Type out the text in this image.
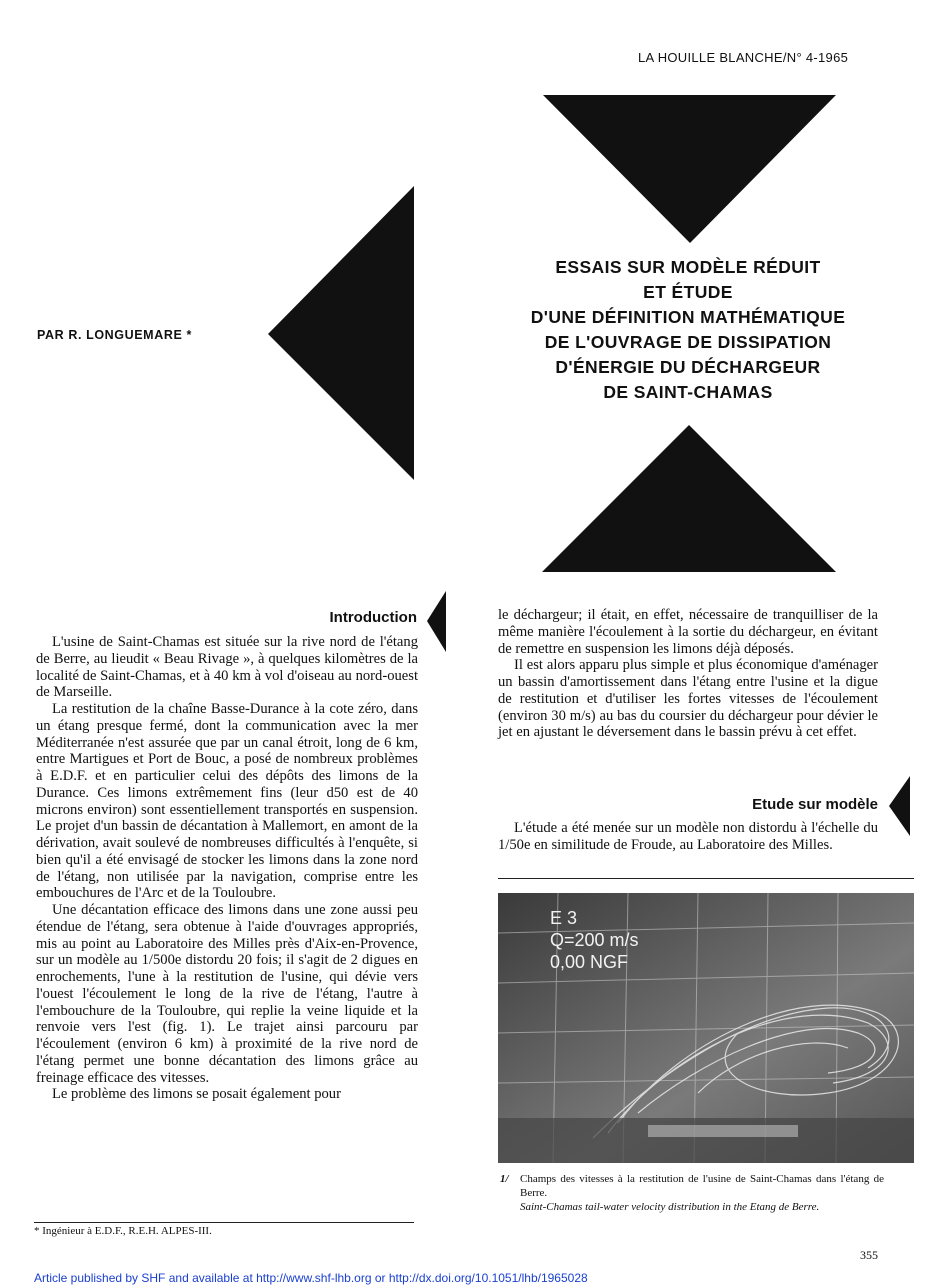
LA HOUILLE BLANCHE/N° 4-1965
PAR R. LONGUEMARE *
ESSAIS SUR MODÈLE RÉDUIT
ET ÉTUDE
D'UNE DÉFINITION MATHÉMATIQUE
DE L'OUVRAGE DE DISSIPATION
D'ÉNERGIE DU DÉCHARGEUR
DE SAINT-CHAMAS
Introduction

L'usine de Saint-Chamas est située sur la rive nord de l'étang de Berre, au lieudit « Beau Rivage », à quelques kilomètres de la localité de Saint-Chamas, et à 40 km à vol d'oiseau au nord-ouest de Marseille.

La restitution de la chaîne Basse-Durance à la cote zéro, dans un étang presque fermé, dont la communication avec la mer Méditerranée n'est assurée que par un canal étroit, long de 6 km, entre Martigues et Port de Bouc, a posé de nombreux problèmes à E.D.F. et en particulier celui des dépôts des limons de la Durance. Ces limons extrêmement fins (leur d50 est de 40 microns environ) sont essentiellement transportés en suspension. Le projet d'un bassin de décantation à Mallemort, en amont de la dérivation, avait soulevé de nombreuses difficultés à l'enquête, si bien qu'il a été envisagé de stocker les limons dans la zone nord de l'étang, non utilisée par la navigation, comprise entre les embouchures de l'Arc et de la Touloubre.

Une décantation efficace des limons dans une zone aussi peu étendue de l'étang, sera obtenue à l'aide d'ouvrages appropriés, mis au point au Laboratoire des Milles près d'Aix-en-Provence, sur un modèle au 1/500e distordu 20 fois; il s'agit de 2 digues en enrochements, l'une à la restitution de l'usine, qui dévie vers l'ouest l'écoulement le long de la rive de l'étang, l'autre à l'embouchure de la Touloubre, qui replie la veine liquide et la renvoie vers l'est (fig. 1). Le trajet ainsi parcouru par l'écoulement (environ 6 km) à proximité de la rive nord de l'étang permet une bonne décantation des limons grâce au freinage efficace des vitesses.

Le problème des limons se posait également pour

* Ingénieur à E.D.F., R.E.H. ALPES-III.

le déchargeur; il était, en effet, nécessaire de tranquilliser de la même manière l'écoulement à la sortie du déchargeur, en évitant de remettre en suspension les limons déjà déposés.

Il est alors apparu plus simple et plus économique d'aménager un bassin d'amortissement dans l'étang entre l'usine et la digue de restitution et d'utiliser les fortes vitesses de l'écoulement (environ 30 m/s) au bas du coursier du déchargeur pour dévier le jet en ajustant le déversement dans le bassin prévu à cet effet.

Etude sur modèle

L'étude a été menée sur un modèle non distordu à l'échelle du 1/50e en similitude de Froude, au Laboratoire des Milles.

E 3
Q=200 m/s
0,00 NGF
1/ Champs des vitesses à la restitution de l'usine de Saint-Chamas dans l'étang de Berre.
Saint-Chamas tail-water velocity distribution in the Etang de Berre.
355
Article published by SHF and available at http://www.shf-lhb.org or http://dx.doi.org/10.1051/lhb/1965028
